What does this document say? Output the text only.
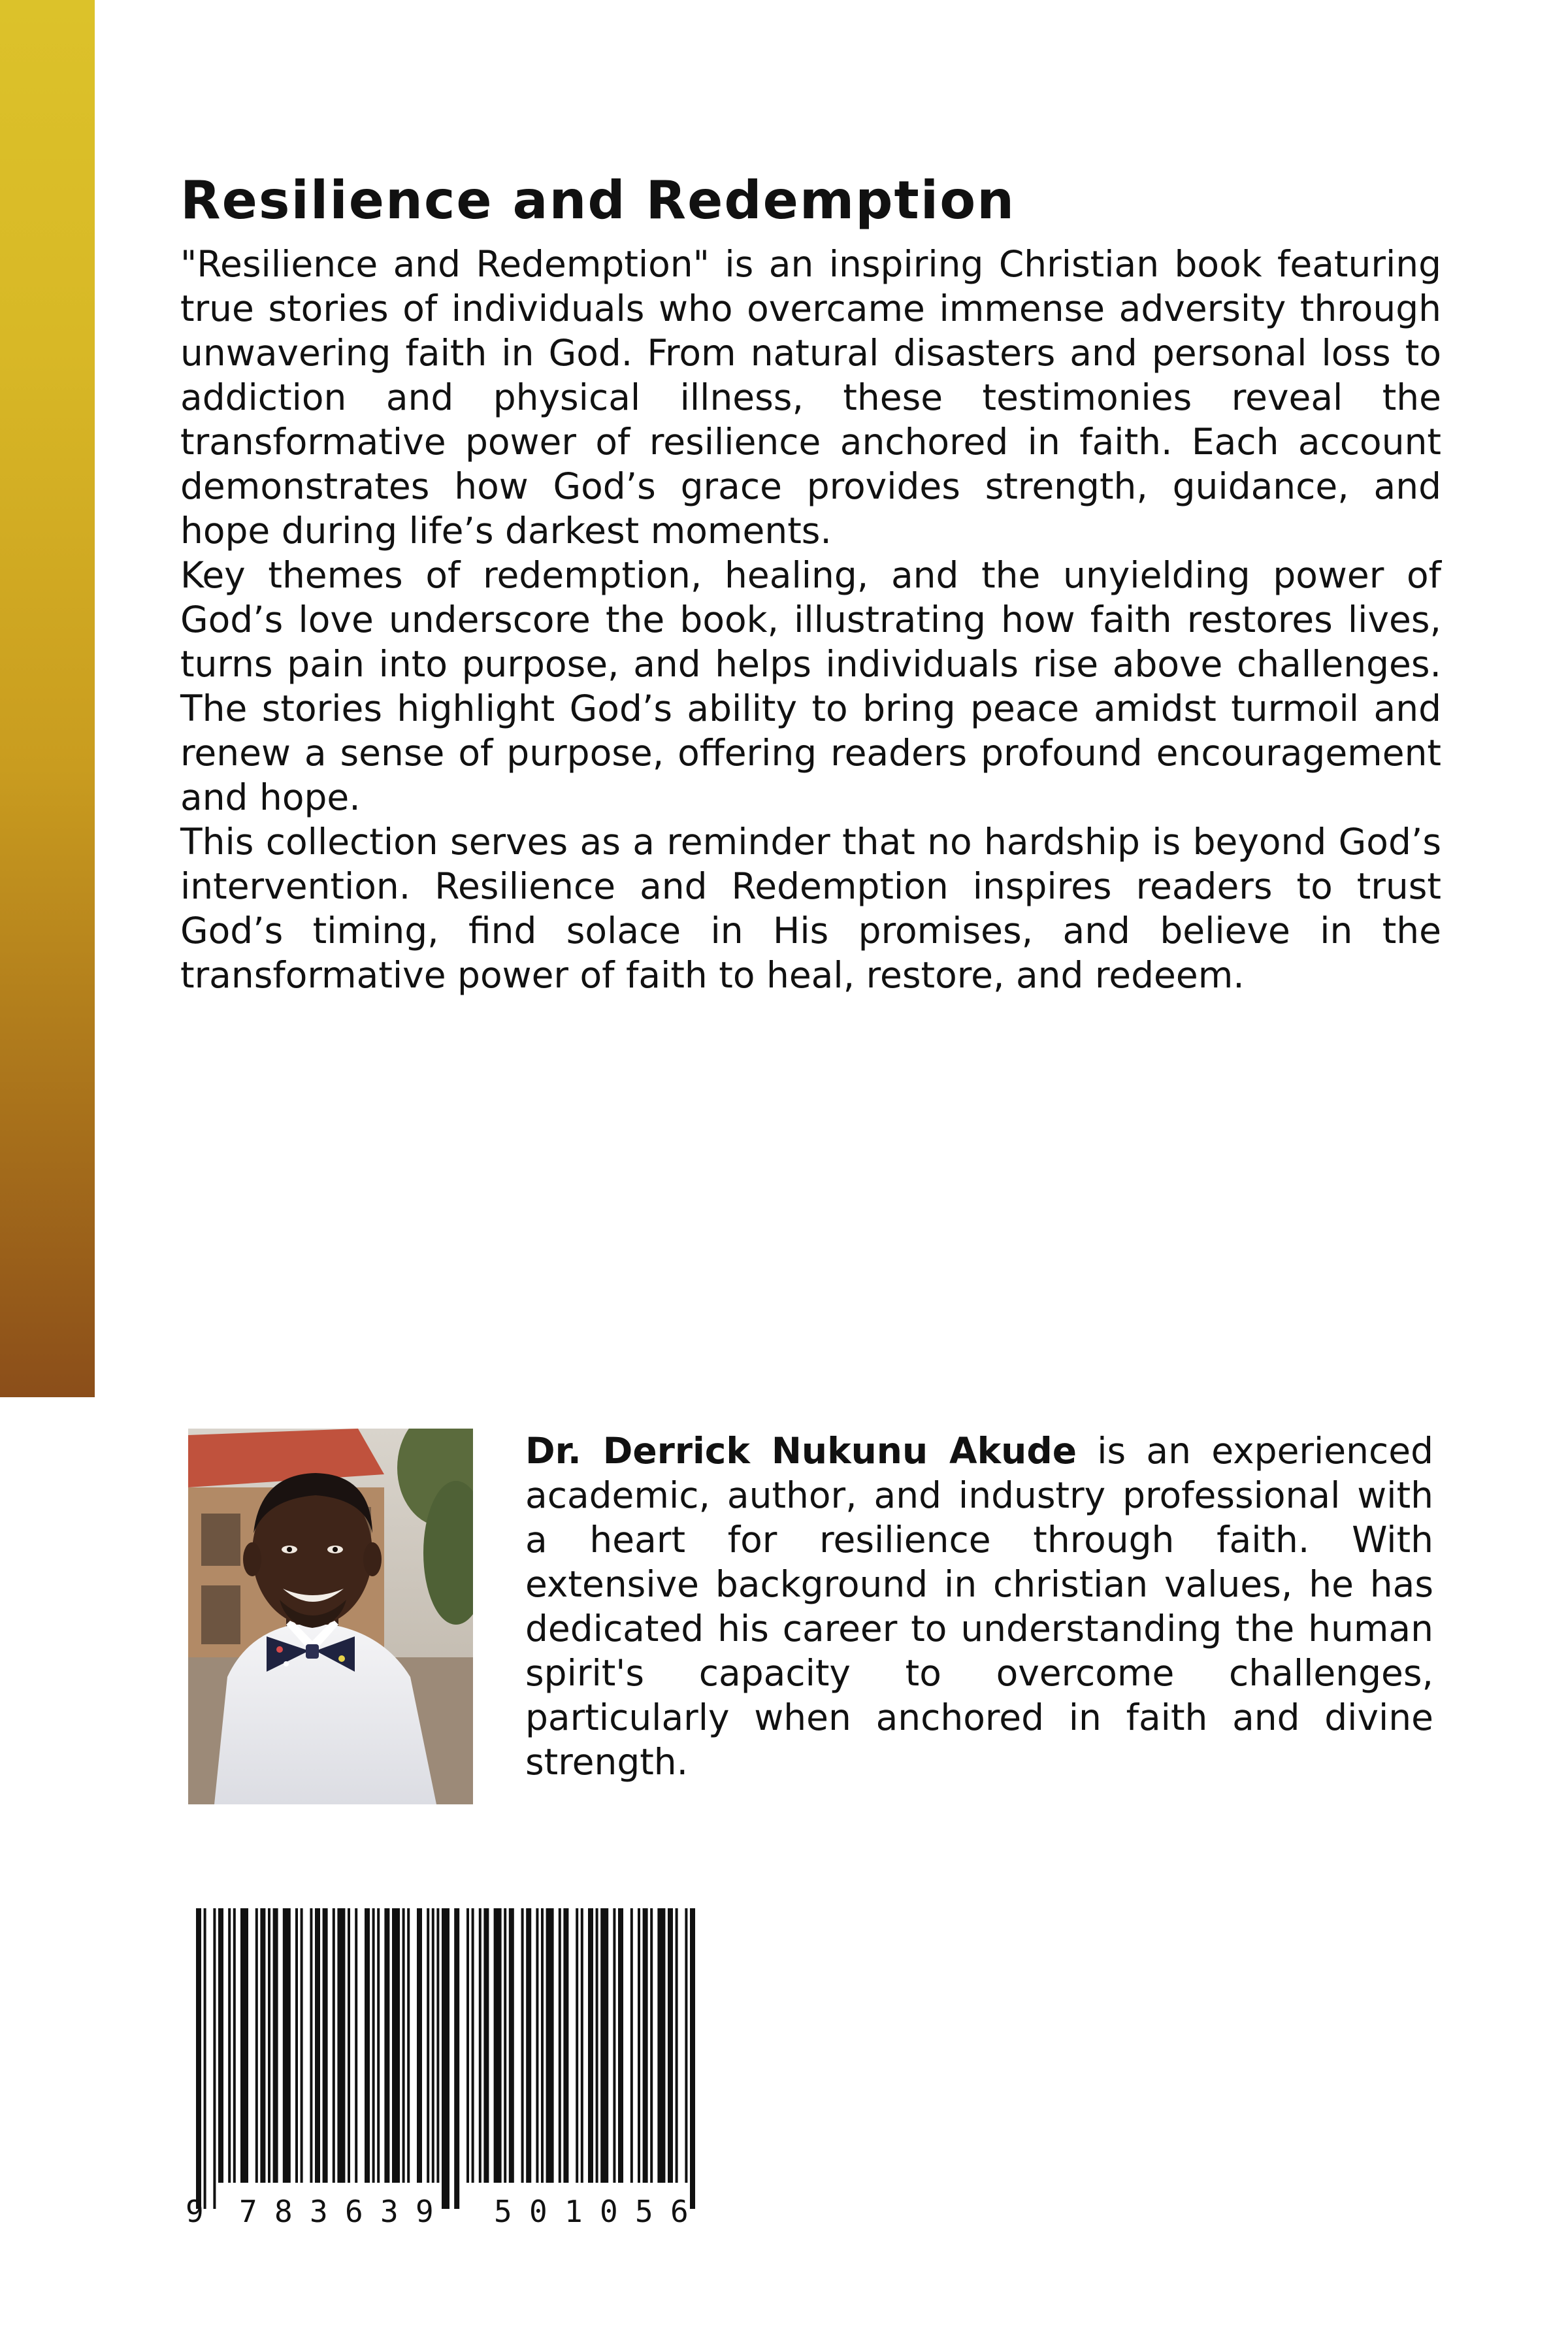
Resilience and Redemption

"Resilience and Redemption" is an inspiring Christian book featuring true stories of individuals who overcame immense adversity through unwavering faith in God. From natural disasters and personal loss to addiction and physical illness, these testimonies reveal the transformative power of resilience anchored in faith. Each account demonstrates how God’s grace provides strength, guidance, and hope during life’s darkest moments.

Key themes of redemption, healing, and the unyielding power of God’s love underscore the book, illustrating how faith restores lives, turns pain into purpose, and helps individuals rise above challenges. The stories highlight God’s ability to bring peace amidst turmoil and renew a sense of purpose, offering readers profound encouragement and hope.

This collection serves as a reminder that no hardship is beyond God’s intervention. Resilience and Redemption inspires readers to trust God’s timing, find solace in His promises, and believe in the transformative power of faith to heal, restore, and redeem.

Dr. Derrick Nukunu Akude is an experienced academic, author, and industry professional with a heart for resilience through faith. With extensive background in christian values, he has dedicated his career to understanding the human spirit's capacity to overcome challenges, particularly when anchored in faith and divine strength.

9 7 8 3 6 3 9 5 0 1 0 5 6
